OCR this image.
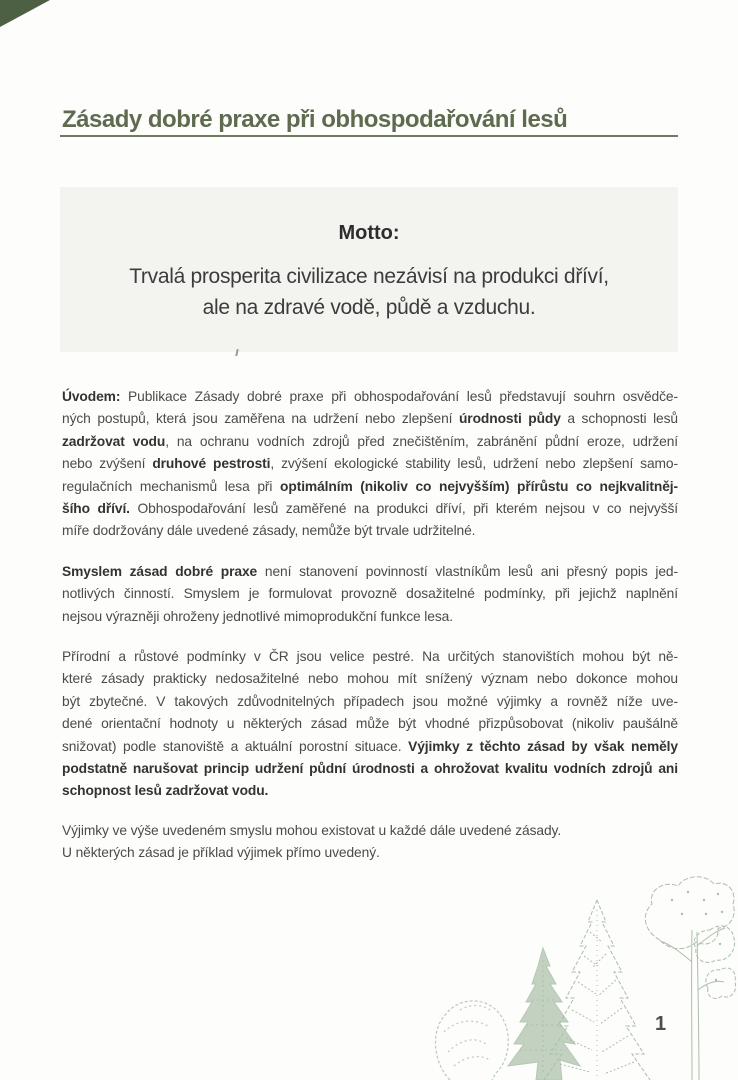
Zásady dobré praxe při obhospodařování lesů
Motto:
Trvalá prosperita civilizace nezávisí na produkci dříví,
ale na zdravé vodě, půdě a vzduchu.
Úvodem: Publikace Zásady dobré praxe při obhospodařování lesů představují souhrn osvědče-
ných postupů, která jsou zaměřena na udržení nebo zlepšení úrodnosti půdy a schopnosti lesů
zadržovat vodu, na ochranu vodních zdrojů před znečištěním, zabránění půdní eroze, udržení
nebo zvýšení druhové pestrosti, zvýšení ekologické stability lesů, udržení nebo zlepšení samo-
regulačních mechanismů lesa při optimálním (nikoliv co nejvyšším) přírůstu co nejkvalitněj-
šího dříví. Obhospodařování lesů zaměřené na produkci dříví, při kterém nejsou v co nejvyšší
míře dodržovány dále uvedené zásady, nemůže být trvale udržitelné.
Smyslem zásad dobré praxe není stanovení povinností vlastníkům lesů ani přesný popis jed-
notlivých činností. Smyslem je formulovat provozně dosažitelné podmínky, při jejichž naplnění
nejsou výrazněji ohroženy jednotlivé mimoprodukční funkce lesa.
Přírodní a růstové podmínky v ČR jsou velice pestré. Na určitých stanovištích mohou být ně-
které zásady prakticky nedosažitelné nebo mohou mít snížený význam nebo dokonce mohou
být zbytečné. V takových zdůvodnitelných případech jsou možné výjimky a rovněž níže uve-
dené orientační hodnoty u některých zásad může být vhodné přizpůsobovat (nikoliv paušálně
snižovat) podle stanoviště a aktuální porostní situace. Výjimky z těchto zásad by však neměly
podstatně narušovat princip udržení půdní úrodnosti a ohrožovat kvalitu vodních zdrojů ani
schopnost lesů zadržovat vodu.
Výjimky ve výše uvedeném smyslu mohou existovat u každé dále uvedené zásady.
U některých zásad je příklad výjimek přímo uvedený.
1
